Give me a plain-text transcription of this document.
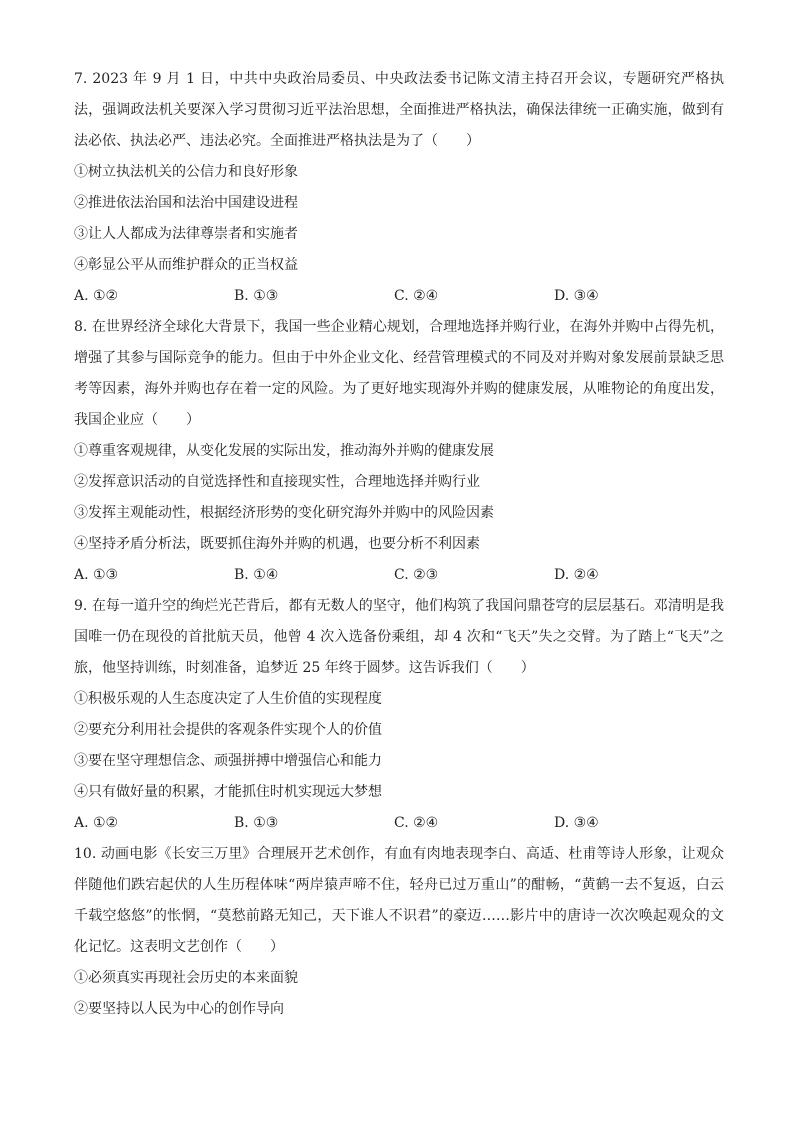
7. 2023 年 9 月 1 日，中共中央政治局委员、中央政法委书记陈文清主持召开会议，专题研究严格执法，强调政法机关要深入学习贯彻习近平法治思想，全面推进严格执法，确保法律统一正确实施，做到有法必依、执法必严、违法必究。全面推进严格执法是为了（　　）

①树立执法机关的公信力和良好形象

②推进依法治国和法治中国建设进程

③让人人都成为法律尊崇者和实施者

④彰显公平从而维护群众的正当权益

A. ①②	B. ①③	C. ②④	D. ③④

8. 在世界经济全球化大背景下，我国一些企业精心规划，合理地选择并购行业，在海外并购中占得先机，增强了其参与国际竞争的能力。但由于中外企业文化、经营管理模式的不同及对并购对象发展前景缺乏思考等因素，海外并购也存在着一定的风险。为了更好地实现海外并购的健康发展，从唯物论的角度出发，我国企业应（　　）

①尊重客观规律，从变化发展的实际出发，推动海外并购的健康发展

②发挥意识活动的自觉选择性和直接现实性，合理地选择并购行业

③发挥主观能动性，根据经济形势的变化研究海外并购中的风险因素

④坚持矛盾分析法，既要抓住海外并购的机遇，也要分析不利因素

A. ①③	B. ①④	C. ②③	D. ②④

9. 在每一道升空的绚烂光芒背后，都有无数人的坚守，他们构筑了我国问鼎苍穹的层层基石。邓清明是我国唯一仍在现役的首批航天员，他曾 4 次入选备份乘组，却 4 次和“飞天”失之交臂。为了踏上“飞天”之旅，他坚持训练，时刻准备，追梦近 25 年终于圆梦。这告诉我们（　　）

①积极乐观的人生态度决定了人生价值的实现程度

②要充分利用社会提供的客观条件实现个人的价值

③要在坚守理想信念、顽强拼搏中增强信心和能力

④只有做好量的积累，才能抓住时机实现远大梦想

A. ①②	B. ①③	C. ②④	D. ③④

10. 动画电影《长安三万里》合理展开艺术创作，有血有肉地表现李白、高适、杜甫等诗人形象，让观众伴随他们跌宕起伏的人生历程体味“两岸猿声啼不住，轻舟已过万重山”的酣畅，“黄鹤一去不复返，白云千载空悠悠”的怅惘，“莫愁前路无知己，天下谁人不识君”的豪迈……影片中的唐诗一次次唤起观众的文化记忆。这表明文艺创作（　　）

①必须真实再现社会历史的本来面貌

②要坚持以人民为中心的创作导向
